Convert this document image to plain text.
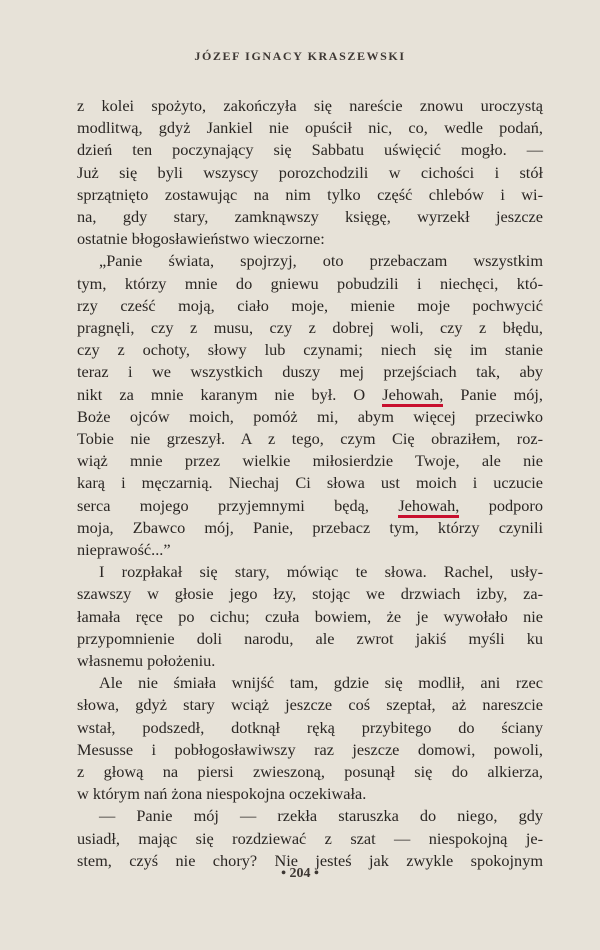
JÓZEF IGNACY KRASZEWSKI
z kolei spożyto, zakończyła się nareście znowu uroczystą
modlitwą, gdyż Jankiel nie opuścił nic, co, wedle podań,
dzień ten poczynający się Sabbatu uświęcić mogło. —
Już się byli wszyscy porozchodzili w cichości i stół
sprzątnięto zostawując na nim tylko część chlebów i wi-
na, gdy stary, zamknąwszy księgę, wyrzekł jeszcze
ostatnie błogosławieństwo wieczorne:
„Panie świata, spojrzyj, oto przebaczam wszystkim
tym, którzy mnie do gniewu pobudzili i niechęci, któ-
rzy cześć moją, ciało moje, mienie moje pochwycić
pragnęli, czy z musu, czy z dobrej woli, czy z błędu,
czy z ochoty, słowy lub czynami; niech się im stanie
teraz i we wszystkich duszy mej przejściach tak, aby
nikt za mnie karanym nie był. O Jehowah, Panie mój,
Boże ojców moich, pomóż mi, abym więcej przeciwko
Tobie nie grzeszył. A z tego, czym Cię obraziłem, roz-
wiąż mnie przez wielkie miłosierdzie Twoje, ale nie
karą i męczarnią. Niechaj Ci słowa ust moich i uczucie
serca mojego przyjemnymi będą, Jehowah, podporo
moja, Zbawco mój, Panie, przebacz tym, którzy czynili
nieprawość...”
I rozpłakał się stary, mówiąc te słowa. Rachel, usły-
szawszy w głosie jego łzy, stojąc we drzwiach izby, za-
łamała ręce po cichu; czuła bowiem, że je wywołało nie
przypomnienie doli narodu, ale zwrot jakiś myśli ku
własnemu położeniu.
Ale nie śmiała wnijść tam, gdzie się modlił, ani rzec
słowa, gdyż stary wciąż jeszcze coś szeptał, aż nareszcie
wstał, podszedł, dotknął ręką przybitego do ściany
Mesusse i pobłogosławiwszy raz jeszcze domowi, powoli,
z głową na piersi zwieszoną, posunął się do alkierza,
w którym nań żona niespokojna oczekiwała.
— Panie mój — rzekła staruszka do niego, gdy
usiadł, mając się rozdziewać z szat — niespokojną je-
stem, czyś nie chory? Nie jesteś jak zwykle spokojnym
• 204 •
